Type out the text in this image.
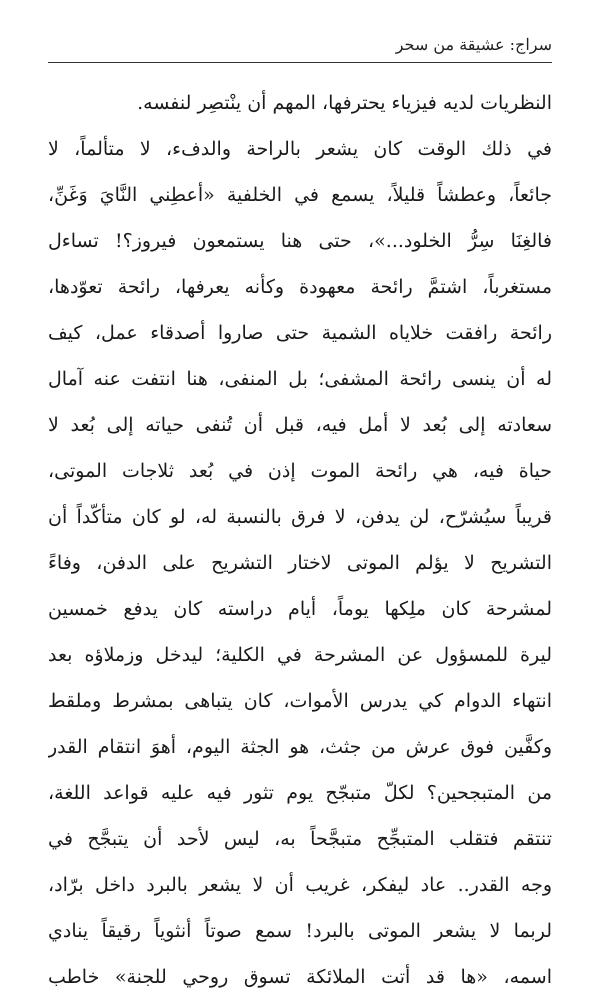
سراج: عشيقة من سحر
النظريات لديه فيزياء يحترفها، المهم أن ينْتصِر لنفسه.
في ذلك الوقت كان يشعر بالراحة والدفء، لا متألماً، لا
جائعاً، وعطشاً قليلاً، يسمع في الخلفية «أعطِني النَّايَ وَغَنِّ،
فالغِنَا سِرُّ الخلود...»، حتى هنا يستمعون فيروز؟! تساءل
مستغرباً، اشتمَّ رائحة معهودة وكأنه يعرفها، رائحة تعوّدها،
رائحة رافقت خلاياه الشمية حتى صاروا أصدقاء عمل، كيف
له أن ينسى رائحة المشفى؛ بل المنفى، هنا انتفت عنه آمال
سعادته إلى بُعد لا أمل فيه، قبل أن تُنفى حياته إلى بُعد لا
حياة فيه، هي رائحة الموت إذن في بُعد ثلاجات الموتى،
قريباً سيُشرّح، لن يدفن، لا فرق بالنسبة له، لو كان متأكّداً أن
التشريح لا يؤلم الموتى لاختار التشريح على الدفن، وفاءً
لمشرحة كان ملِكها يوماً، أيام دراسته كان يدفع خمسين
ليرة للمسؤول عن المشرحة في الكلية؛ ليدخل وزملاؤه بعد
انتهاء الدوام كي يدرس الأموات، كان يتباهى بمشرط وملقط
وكفَّين فوق عرش من جثث، هو الجثة اليوم، أهوَ انتقام القدر
من المتبجحين؟ لكلّ متبجّح يوم تثور فيه عليه قواعد اللغة،
تنتقم فتقلب المتبجِّح متبجَّحاً به، ليس لأحد أن يتبجَّح في
وجه القدر.. عاد ليفكر، غريب أن لا يشعر بالبرد داخل برّاد،
لربما لا يشعر الموتى بالبرد! سمع صوتاً أنثوياً رقيقاً ينادي
اسمه، «ها قد أتت الملائكة تسوق روحي للجنة» خاطب
